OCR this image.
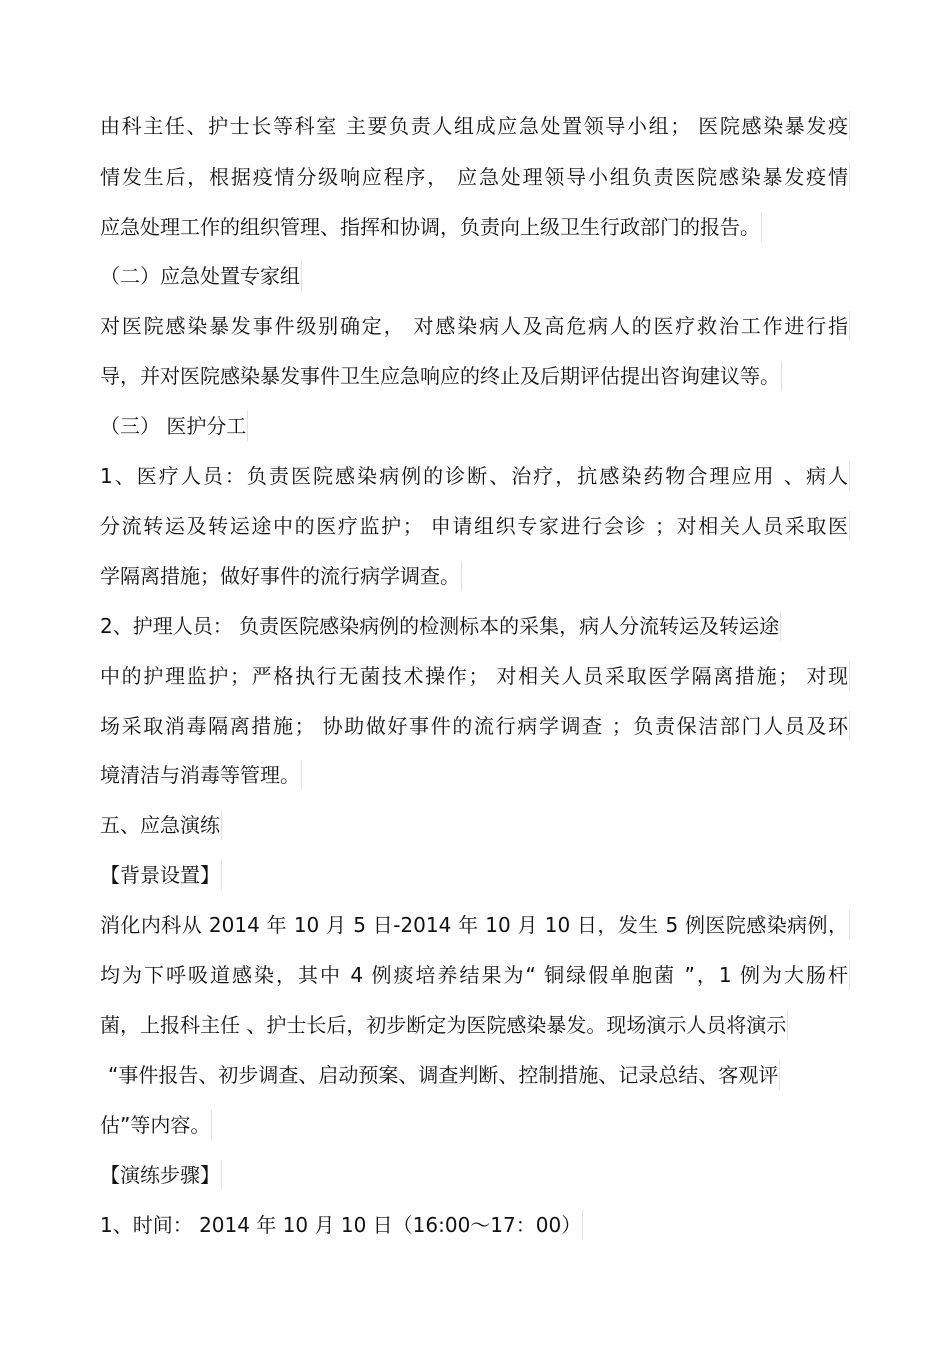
由科主任、护士长等科室 主要负责人组成应急处置领导小组； 医院感染暴发疫
情发生后，根据疫情分级响应程序， 应急处理领导小组负责医院感染暴发疫情
应急处理工作的组织管理、指挥和协调，负责向上级卫生行政部门的报告。
（二）应急处置专家组
对医院感染暴发事件级别确定， 对感染病人及高危病人的医疗救治工作进行指
导，并对医院感染暴发事件卫生应急响应的终止及后期评估提出咨询建议等。
（三） 医护分工
1、医疗人员：负责医院感染病例的诊断、治疗，抗感染药物合理应用 、病人
分流转运及转运途中的医疗监护； 申请组织专家进行会诊 ；对相关人员采取医
学隔离措施；做好事件的流行病学调查。
2、护理人员： 负责医院感染病例的检测标本的采集，病人分流转运及转运途
中的护理监护；严格执行无菌技术操作； 对相关人员采取医学隔离措施； 对现
场采取消毒隔离措施； 协助做好事件的流行病学调查 ；负责保洁部门人员及环
境清洁与消毒等管理。
五、应急演练
【背景设置】
消化内科从 2014 年 10 月 5 日-2014 年 10 月 10 日，发生 5 例医院感染病例，
均为下呼吸道感染，其中 4 例痰培养结果为“ 铜绿假单胞菌 ”，1 例为大肠杆
菌，上报科主任 、护士长后，初步断定为医院感染暴发。现场演示人员将演示
“事件报告、初步调查、启动预案、调查判断、控制措施、记录总结、客观评
估”等内容。
【演练步骤】
1、时间： 2014 年 10 月 10 日（16:00～17：00）
